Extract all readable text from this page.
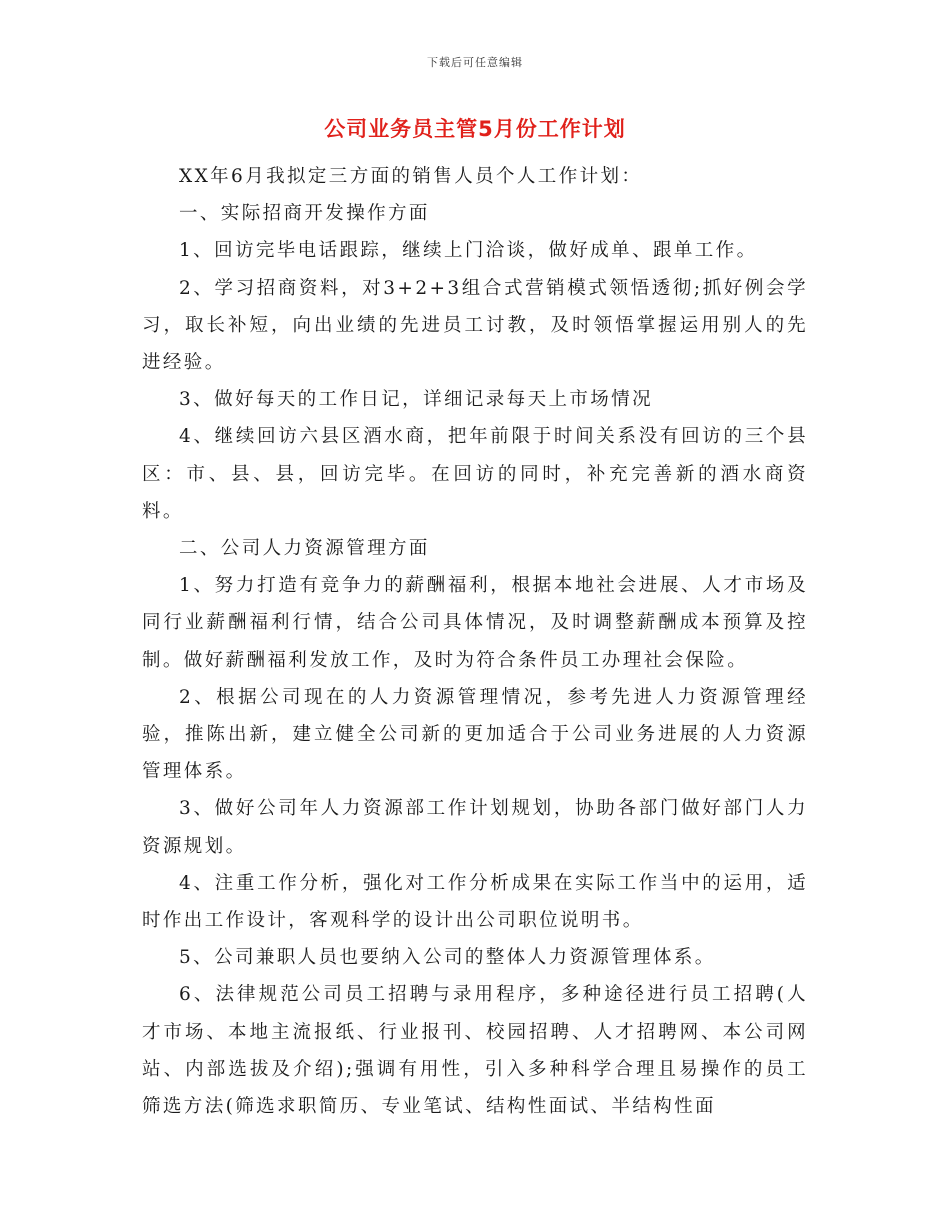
下载后可任意编辑
公司业务员主管5月份工作计划

XX年6月我拟定三方面的销售人员个人工作计划：

一、实际招商开发操作方面

1、回访完毕电话跟踪，继续上门洽谈，做好成单、跟单工作。

2、学习招商资料，对3+2+3组合式营销模式领悟透彻;抓好例会学习，取长补短，向出业绩的先进员工讨教，及时领悟掌握运用别人的先进经验。

3、做好每天的工作日记，详细记录每天上市场情况

4、继续回访六县区酒水商，把年前限于时间关系没有回访的三个县区：市、县、县，回访完毕。在回访的同时，补充完善新的酒水商资料。

二、公司人力资源管理方面

1、努力打造有竞争力的薪酬福利，根据本地社会进展、人才市场及同行业薪酬福利行情，结合公司具体情况，及时调整薪酬成本预算及控制。做好薪酬福利发放工作，及时为符合条件员工办理社会保险。

2、根据公司现在的人力资源管理情况，参考先进人力资源管理经验，推陈出新，建立健全公司新的更加适合于公司业务进展的人力资源管理体系。

3、做好公司年人力资源部工作计划规划，协助各部门做好部门人力资源规划。

4、注重工作分析，强化对工作分析成果在实际工作当中的运用，适时作出工作设计，客观科学的设计出公司职位说明书。

5、公司兼职人员也要纳入公司的整体人力资源管理体系。

6、法律规范公司员工招聘与录用程序，多种途径进行员工招聘(人才市场、本地主流报纸、行业报刊、校园招聘、人才招聘网、本公司网站、内部选拔及介绍);强调有用性，引入多种科学合理且易操作的员工筛选方法(筛选求职简历、专业笔试、结构性面试、半结构性面
